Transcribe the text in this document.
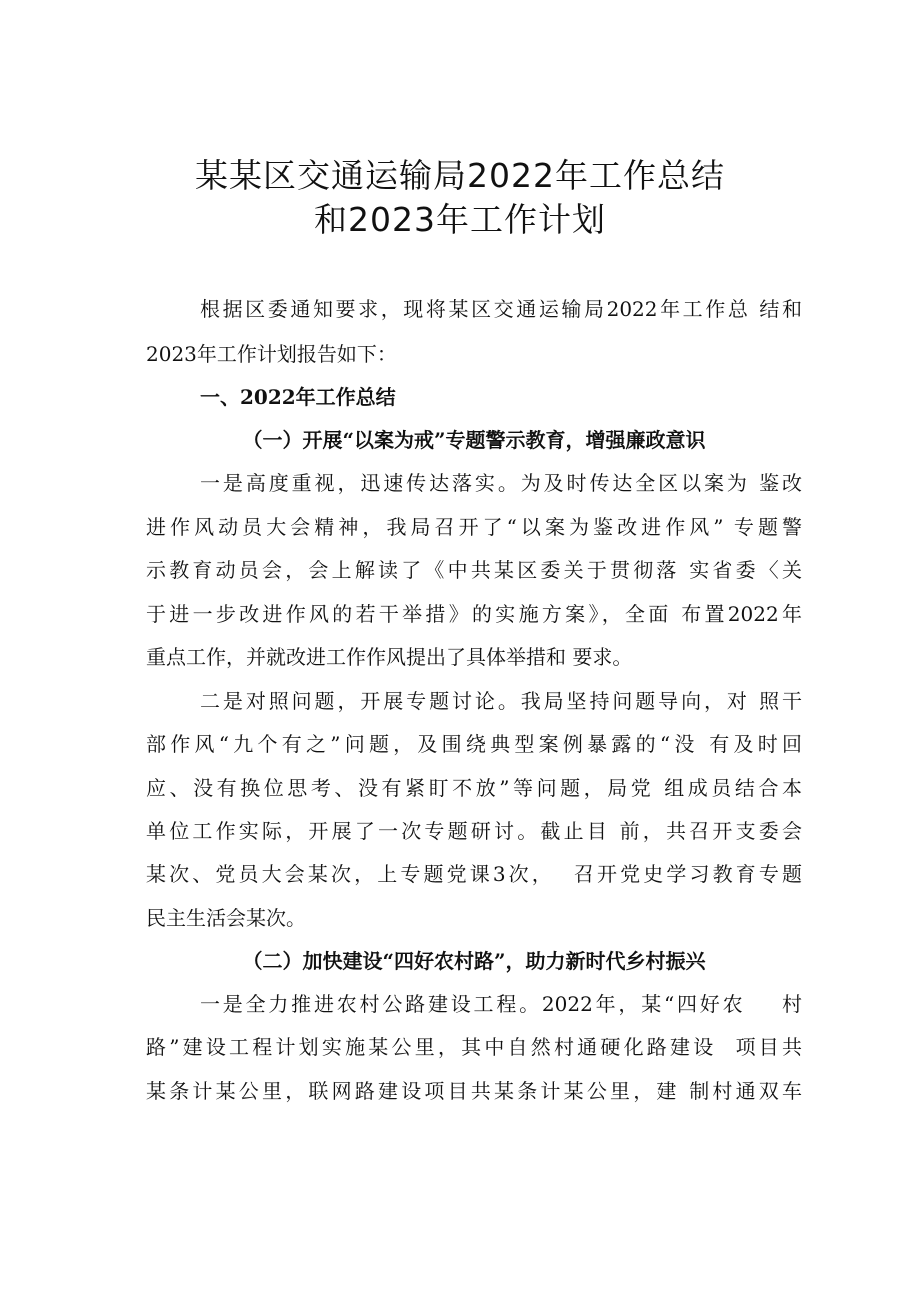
某某区交通运输局2022年工作总结
和2023年工作计划
根据区委通知要求，现将某区交通运输局2022年工作总 结和
2023年工作计划报告如下：
一、2022年工作总结
（一）开展“以案为戒”专题警示教育，增强廉政意识
一是高度重视，迅速传达落实。为及时传达全区以案为 鉴改
进作风动员大会精神，我局召开了“以案为鉴改进作风” 专题警
示教育动员会，会上解读了《中共某区委关于贯彻落 实省委〈关
于进一步改进作风的若干举措》的实施方案》，全面 布置2022年
重点工作，并就改进工作作风提出了具体举措和 要求。
二是对照问题，开展专题讨论。我局坚持问题导向，对 照干
部作风“九个有之”问题，及围绕典型案例暴露的“没 有及时回
应、没有换位思考、没有紧盯不放”等问题，局党 组成员结合本
单位工作实际，开展了一次专题研讨。截止目 前，共召开支委会
某次、党员大会某次，上专题党课3次，  召开党史学习教育专题
民主生活会某次。
（二）加快建设“四好农村路”，助力新时代乡村振兴
一是全力推进农村公路建设工程。2022年，某“四好农    村
路”建设工程计划实施某公里，其中自然村通硬化路建设  项目共
某条计某公里，联网路建设项目共某条计某公里，建 制村通双车
